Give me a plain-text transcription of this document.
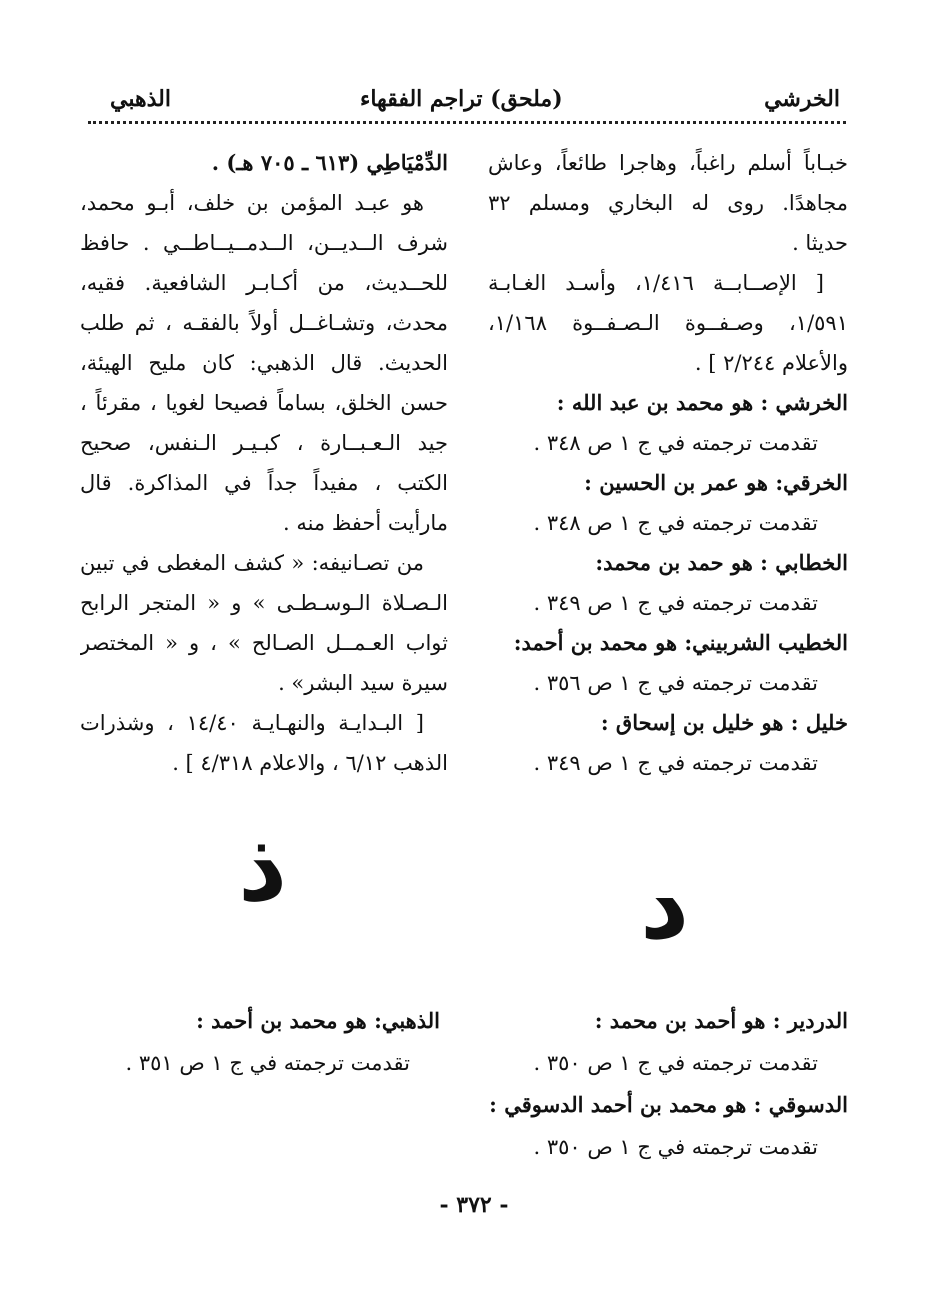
الخرشي
(ملحق) تراجم الفقهاء
الذهبي
خبـاباً أسلم راغباً، وهاجرا طائعاً، وعاش
مجاهدًا. روى له البخاري ومسلم ٣٢
حديثا .
[ الإصــابــة ١/٤١٦، وأسـد الغـابـة
١/٥٩١، وصـفــوة الـصـفــوة ١/١٦٨،
والأعلام ٢/٢٤٤ ] .
الخرشي : هو محمد بن عبد الله :
تقدمت ترجمته في ج ١ ص ٣٤٨ .
الخرقي: هو عمر بن الحسين :
تقدمت ترجمته في ج ١ ص ٣٤٨ .
الخطابي : هو حمد بن محمد:
تقدمت ترجمته في ج ١ ص ٣٤٩ .
الخطيب الشربيني: هو محمد بن أحمد:
تقدمت ترجمته في ج ١ ص ٣٥٦ .
خليل : هو خليل بن إسحاق :
تقدمت ترجمته في ج ١ ص ٣٤٩ .
الدِّمْيَاطِي (٦١٣ ـ ٧٠٥ هـ) .
هو عبـد المؤمن بن خلف، أبـو محمد،
شرف الــديــن، الــدمــيــاطــي . حافظ
للحــديث، من أكـابـر الشافعية. فقيه،
محدث، وتشـاغــل أولاً بالفقـه ، ثم طلب
الحديث. قال الذهبي: كان مليح الهيئة،
حسن الخلق، بساماً فصيحا لغويا ، مقرئاً ،
جيد الـعـبــارة ، كبـيـر الـنفس، صحيح
الكتب ، مفيداً جداً في المذاكرة. قال
مارأيت أحفظ منه .
من تصـانيفه: « كشف المغطى في تبين
الـصـلاة الـوسـطـى » و « المتجر الرابح
ثواب العـمــل الصـالح » ، و « المختصر
سيرة سيد البشر» .
[ البـدايـة والنهـايـة ١٤/٤٠ ، وشذرات
الذهب ٦/١٢ ، والاعلام ٤/٣١٨ ] .
د
ذ
الدردير : هو أحمد بن محمد :
تقدمت ترجمته في ج ١ ص ٣٥٠ .
الدسوقي : هو محمد بن أحمد الدسوقي :
تقدمت ترجمته في ج ١ ص ٣٥٠ .
الذهبي: هو محمد بن أحمد :
تقدمت ترجمته في ج ١ ص ٣٥١ .
- ٣٧٢ -
